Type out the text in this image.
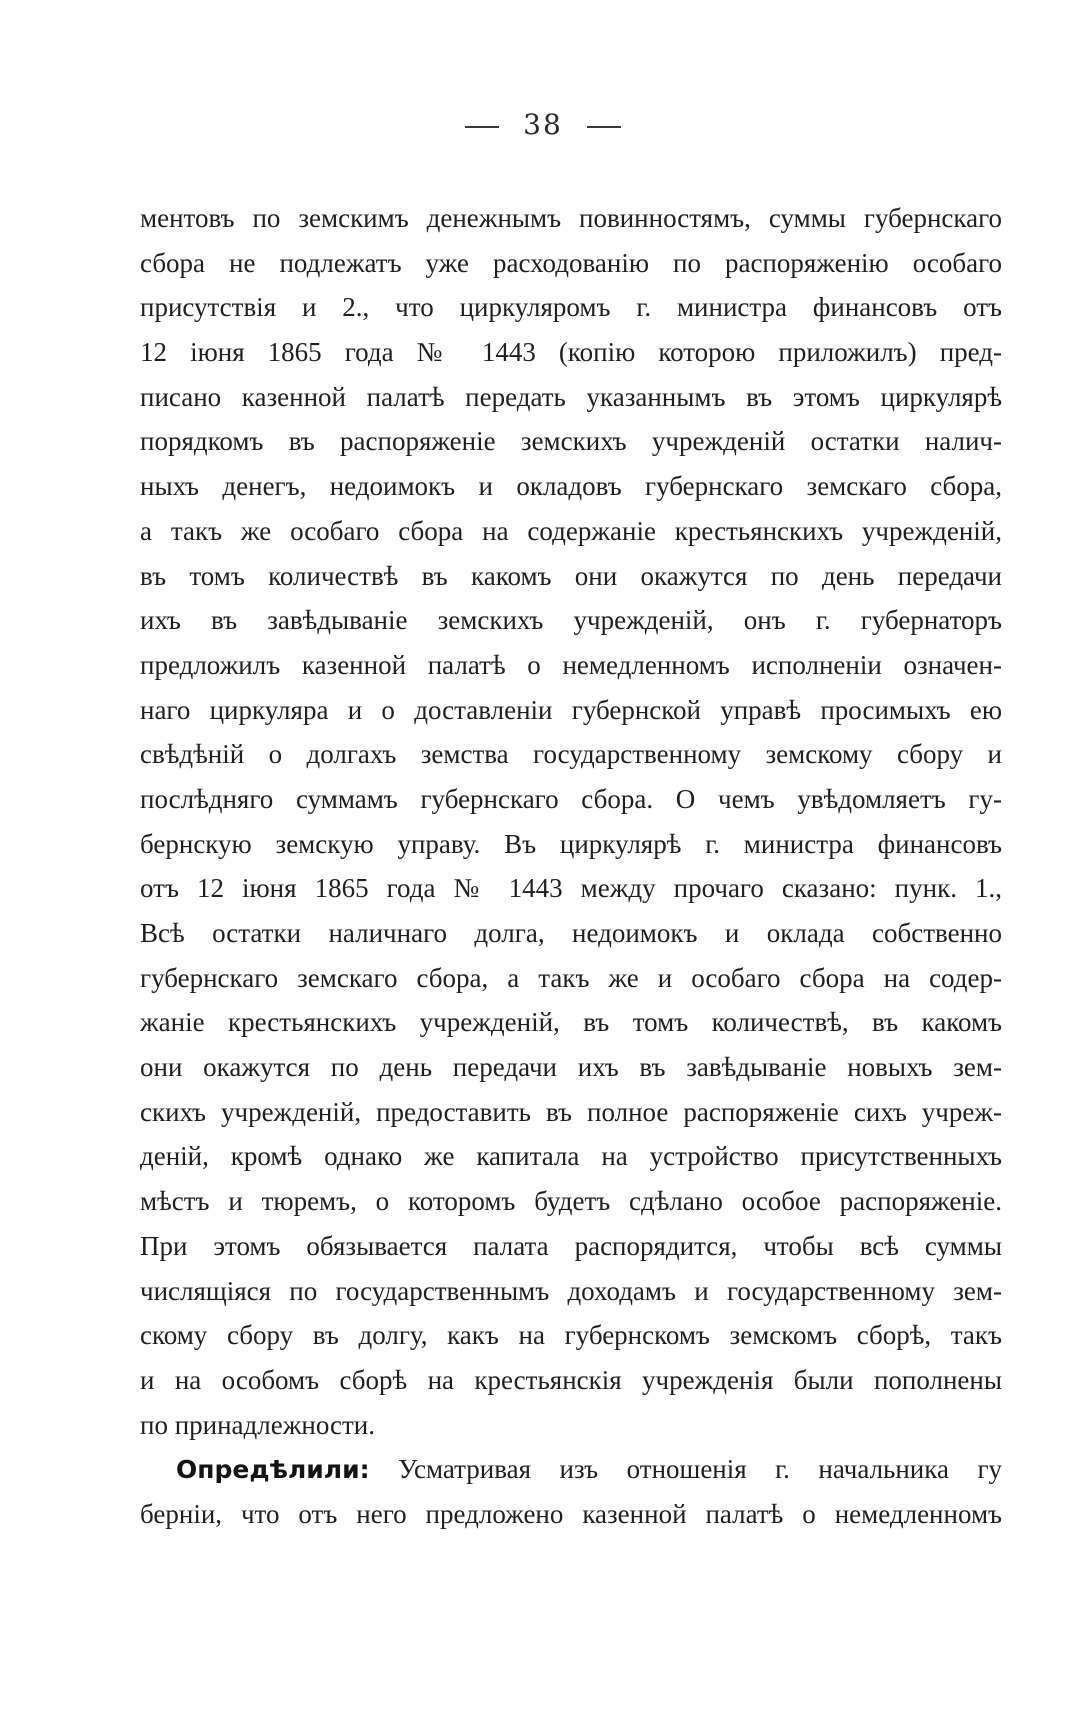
38
ментовъ по земскимъ денежнымъ повинностямъ, суммы губернскаго
сбора не подлежатъ уже расходованію по распоряженію особаго
присутствія и 2., что циркуляромъ г. министра финансовъ отъ
12 іюня 1865 года № 1443 (копію которою приложилъ) пред-
писано казенной палатѣ передать указаннымъ въ этомъ циркулярѣ
порядкомъ въ распоряженіе земскихъ учрежденій остатки налич-
ныхъ денегъ, недоимокъ и окладовъ губернскаго земскаго сбора,
а такъ же особаго сбора на содержаніе крестьянскихъ учрежденій,
въ томъ количествѣ въ какомъ они окажутся по день передачи
ихъ въ завѣдываніе земскихъ учрежденій, онъ г. губернаторъ
предложилъ казенной палатѣ о немедленномъ исполненіи означен-
наго циркуляра и о доставленіи губернской управѣ просимыхъ ею
свѣдѣній о долгахъ земства государственному земскому сбору и
послѣдняго суммамъ губернскаго сбора. О чемъ увѣдомляетъ гу-
бернскую земскую управу. Въ циркулярѣ г. министра финансовъ
отъ 12 іюня 1865 года № 1443 между прочаго сказано: пунк. 1.,
Всѣ остатки наличнаго долга, недоимокъ и оклада собственно
губернскаго земскаго сбора, а такъ же и особаго сбора на содер-
жаніе крестьянскихъ учрежденій, въ томъ количествѣ, въ какомъ
они окажутся по день передачи ихъ въ завѣдываніе новыхъ зем-
скихъ учрежденій, предоставить въ полное распоряженіе сихъ учреж-
деній, кромѣ однако же капитала на устройство присутственныхъ
мѣстъ и тюремъ, о которомъ будетъ сдѣлано особое распоряженіе.
При этомъ обязывается палата распорядится, чтобы всѣ суммы
числящіяся по государственнымъ доходамъ и государственному зем-
скому сбору въ долгу, какъ на губернскомъ земскомъ сборѣ, такъ
и на особомъ сборѣ на крестьянскія учрежденія были пополнены
по принадлежности.
Опредѣлили: Усматривая изъ отношенія г. начальника гу
берніи, что отъ него предложено казенной палатѣ о немедленномъ
